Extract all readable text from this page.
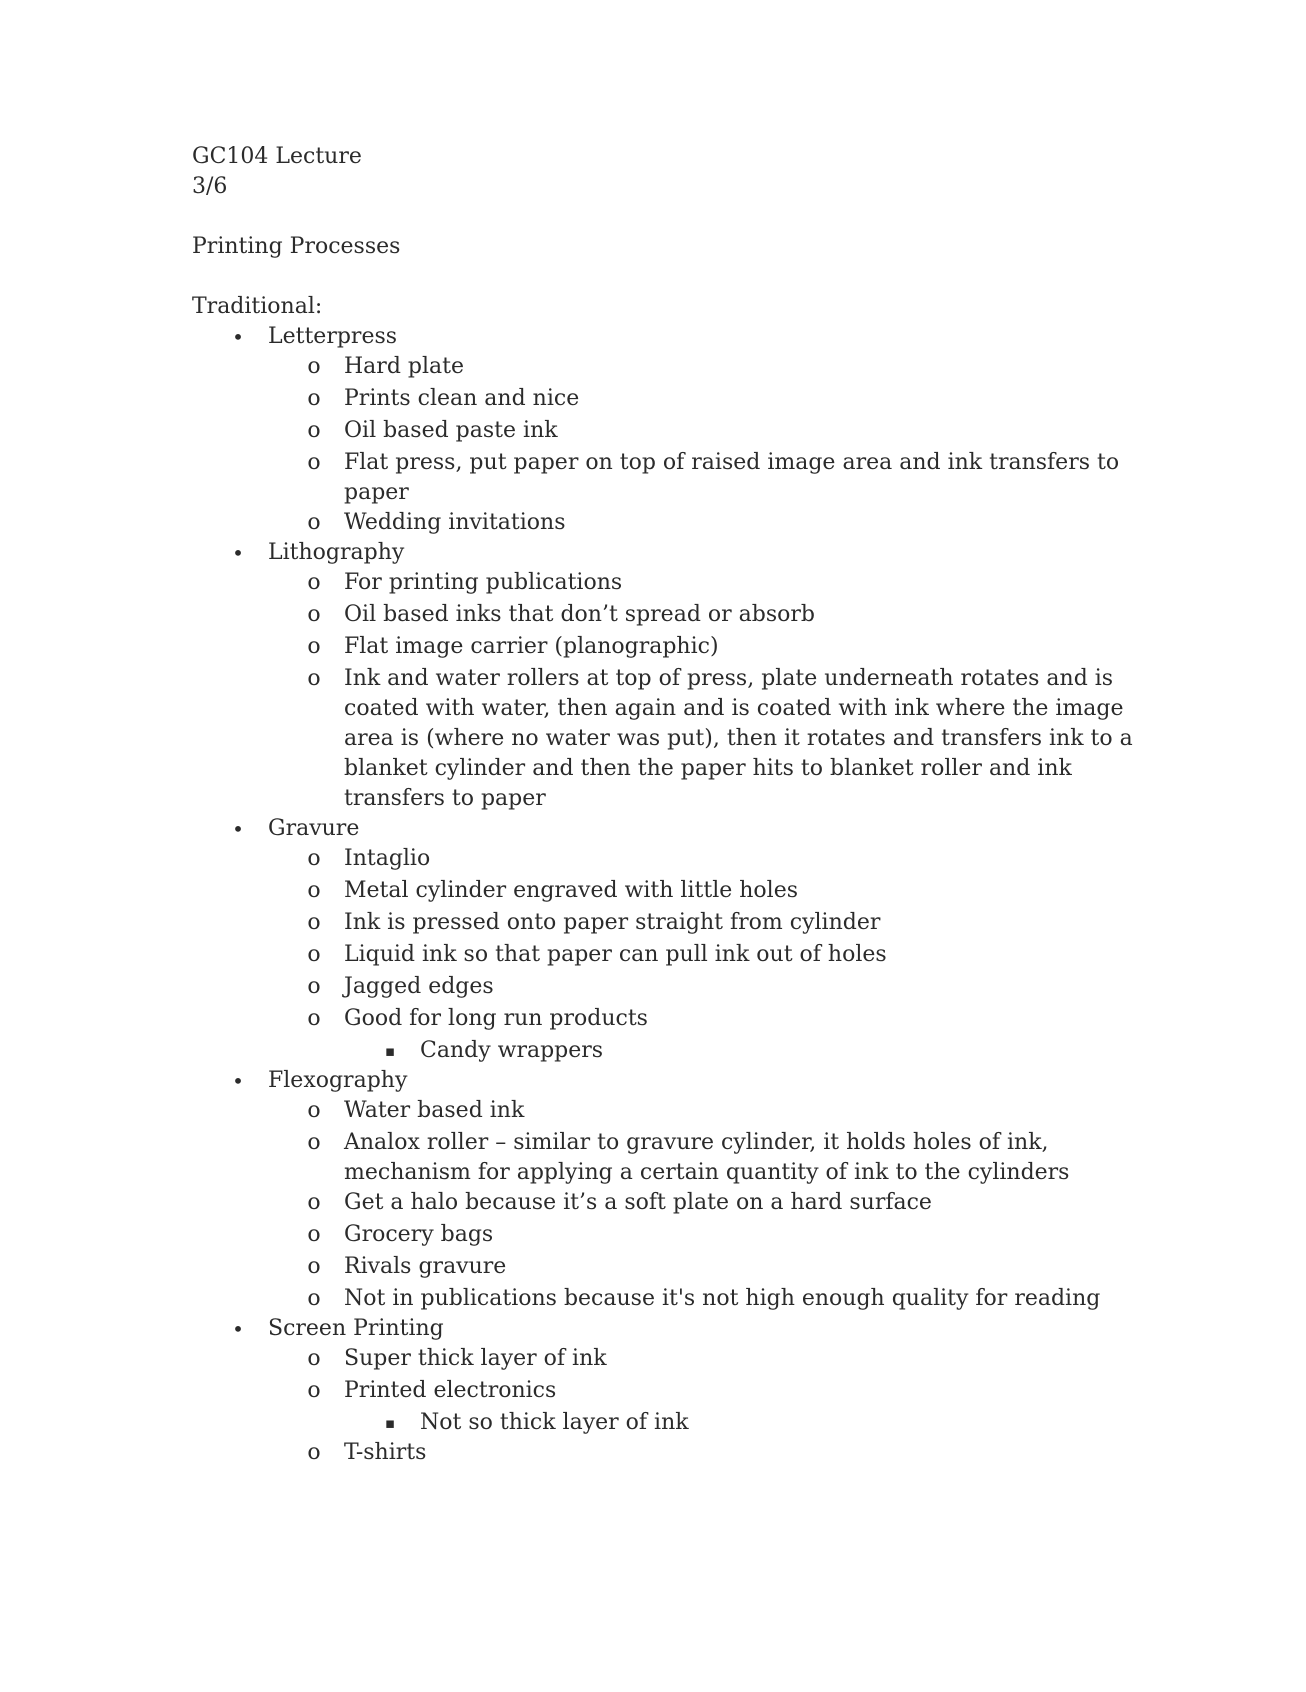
GC104 Lecture
3/6
Printing Processes
Traditional:
• Letterpress
o Hard plate
o Prints clean and nice
o Oil based paste ink
o Flat press, put paper on top of raised image area and ink transfers to
paper
o Wedding invitations
• Lithography
o For printing publications
o Oil based inks that don’t spread or absorb
o Flat image carrier (planographic)
o Ink and water rollers at top of press, plate underneath rotates and is
coated with water, then again and is coated with ink where the image
area is (where no water was put), then it rotates and transfers ink to a
blanket cylinder and then the paper hits to blanket roller and ink
transfers to paper
• Gravure
o Intaglio
o Metal cylinder engraved with little holes
o Ink is pressed onto paper straight from cylinder
o Liquid ink so that paper can pull ink out of holes
o Jagged edges
o Good for long run products
▪ Candy wrappers
• Flexography
o Water based ink
o Analox roller – similar to gravure cylinder, it holds holes of ink,
mechanism for applying a certain quantity of ink to the cylinders
o Get a halo because it’s a soft plate on a hard surface
o Grocery bags
o Rivals gravure
o Not in publications because it's not high enough quality for reading
• Screen Printing
o Super thick layer of ink
o Printed electronics
▪ Not so thick layer of ink
o T-shirts
